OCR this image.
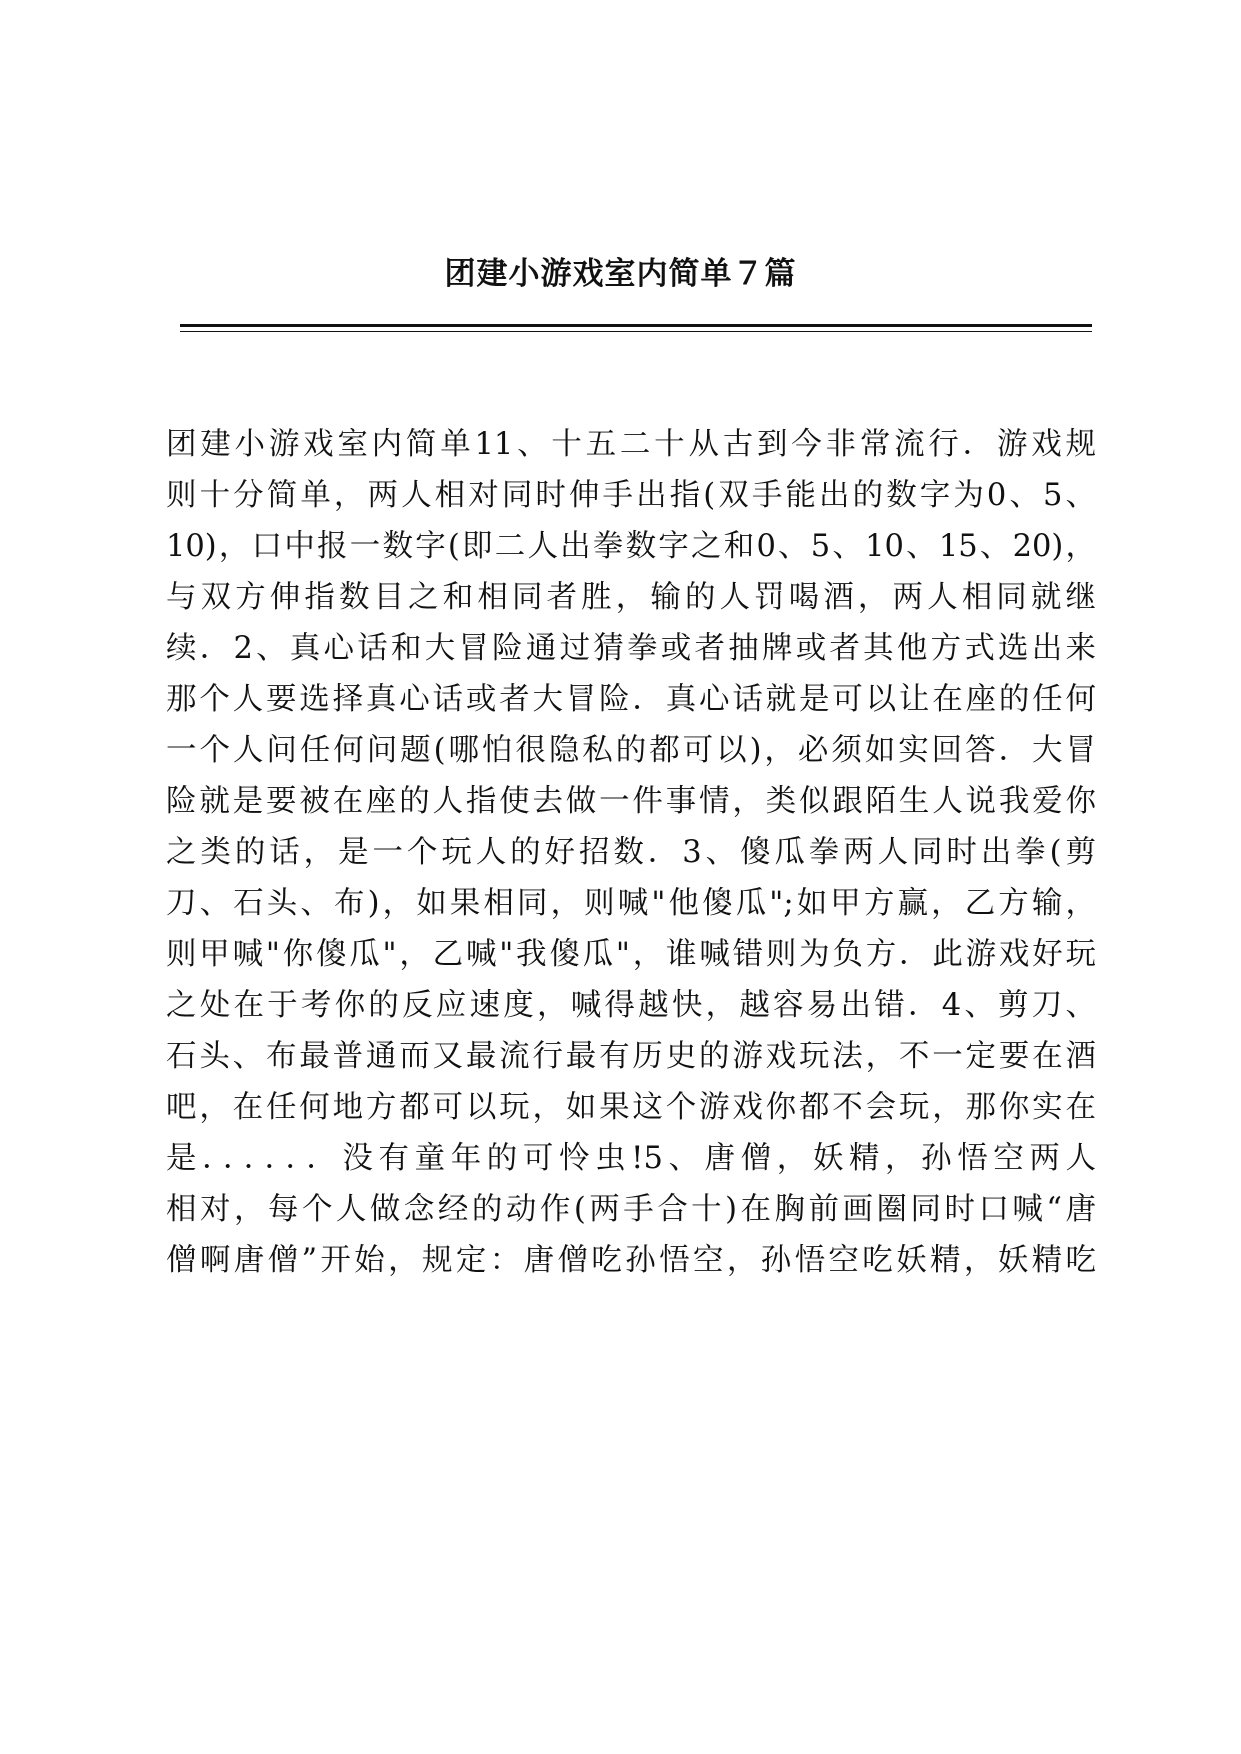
团建小游戏室内简单７篇
团建小游戏室内简单11、十五二十从古到今非常流行．游戏规
则十分简单，两人相对同时伸手出指(双手能出的数字为0、5、
10)，口中报一数字(即二人出拳数字之和0、5、10、15、20)，
与双方伸指数目之和相同者胜，输的人罚喝酒，两人相同就继
续．2、真心话和大冒险通过猜拳或者抽牌或者其他方式选出来
那个人要选择真心话或者大冒险．真心话就是可以让在座的任何
一个人问任何问题(哪怕很隐私的都可以)，必须如实回答．大冒
险就是要被在座的人指使去做一件事情，类似跟陌生人说我爱你
之类的话，是一个玩人的好招数．3、傻瓜拳两人同时出拳(剪
刀、石头、布)，如果相同，则喊"他傻瓜";如甲方赢，乙方输，
则甲喊"你傻瓜"，乙喊"我傻瓜"，谁喊错则为负方．此游戏好玩
之处在于考你的反应速度，喊得越快，越容易出错．4、剪刀、
石头、布最普通而又最流行最有历史的游戏玩法，不一定要在酒
吧，在任何地方都可以玩，如果这个游戏你都不会玩，那你实在
是．．．．．．没有童年的可怜虫!5、唐僧，妖精，孙悟空两人
相对，每个人做念经的动作(两手合十)在胸前画圈同时口喊“唐
僧啊唐僧”开始，规定：唐僧吃孙悟空，孙悟空吃妖精，妖精吃
